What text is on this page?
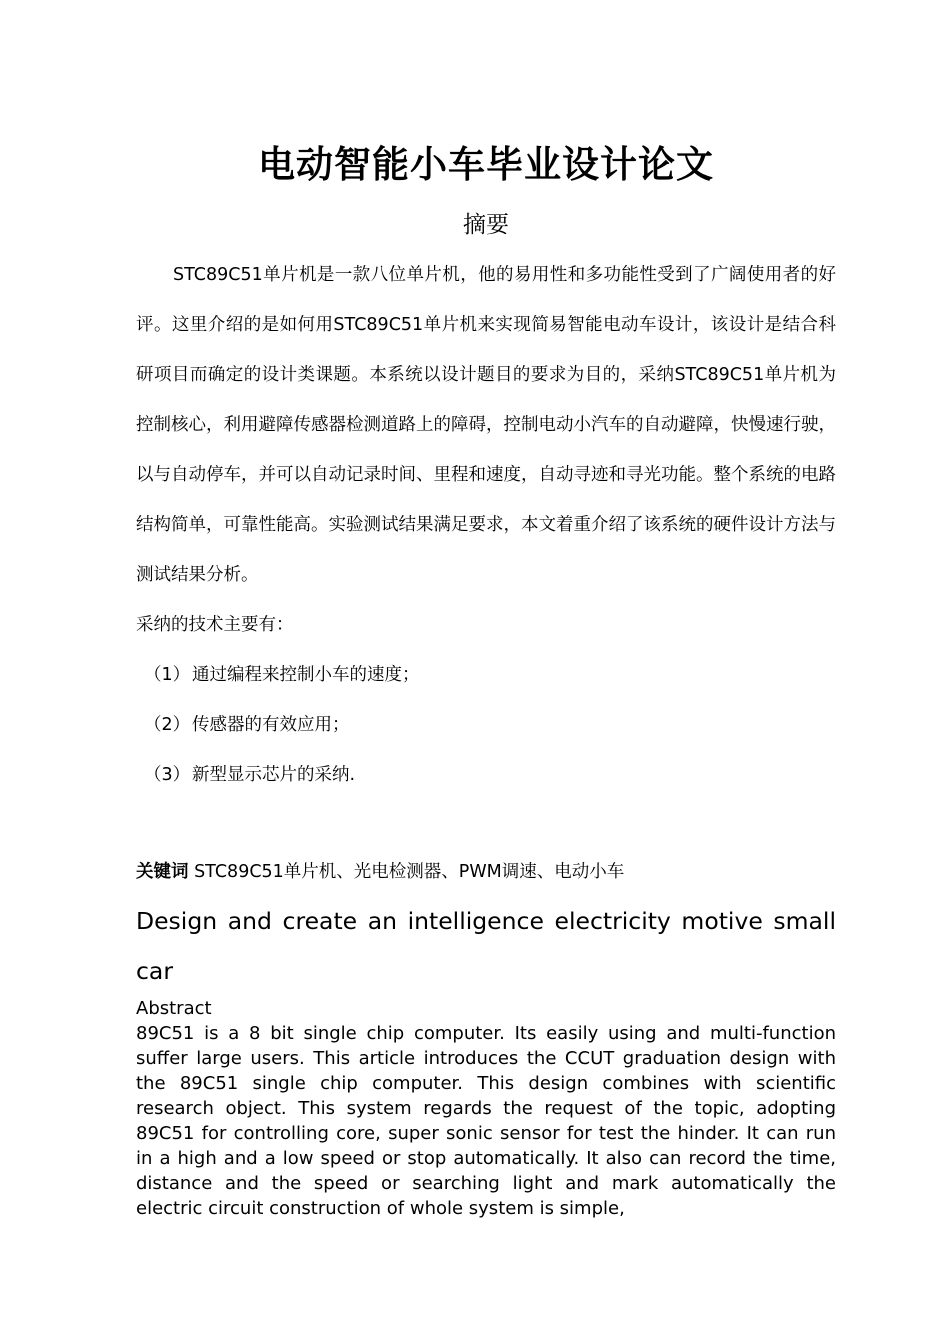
电动智能小车毕业设计论文
摘要

STC89C51单片机是一款八位单片机，他的易用性和多功能性受到了广阔使用者的好评。这里介绍的是如何用STC89C51单片机来实现简易智能电动车设计，该设计是结合科研项目而确定的设计类课题。本系统以设计题目的要求为目的，采纳STC89C51单片机为控制核心，利用避障传感器检测道路上的障碍，控制电动小汽车的自动避障，快慢速行驶，以与自动停车，并可以自动记录时间、里程和速度，自动寻迹和寻光功能。整个系统的电路结构简单，可靠性能高。实验测试结果满足要求，本文着重介绍了该系统的硬件设计方法与测试结果分析。

采纳的技术主要有：

（1） 通过编程来控制小车的速度；

（2） 传感器的有效应用；

（3） 新型显示芯片的采纳.

关键词 STC89C51单片机、光电检测器、PWM调速、电动小车
Design and create an intelligence electricity motive small car
Abstract

89C51 is a 8 bit single chip computer. Its easily using and multi-function suffer large users. This article introduces the CCUT graduation design with the 89C51 single chip computer. This design combines with scientific research object. This system regards the request of the topic, adopting 89C51 for controlling core, super sonic sensor for test the hinder. It can run in a high and a low speed or stop automatically. It also can record the time, distance and the speed or searching light and mark automatically the electric circuit construction of whole system is simple,
